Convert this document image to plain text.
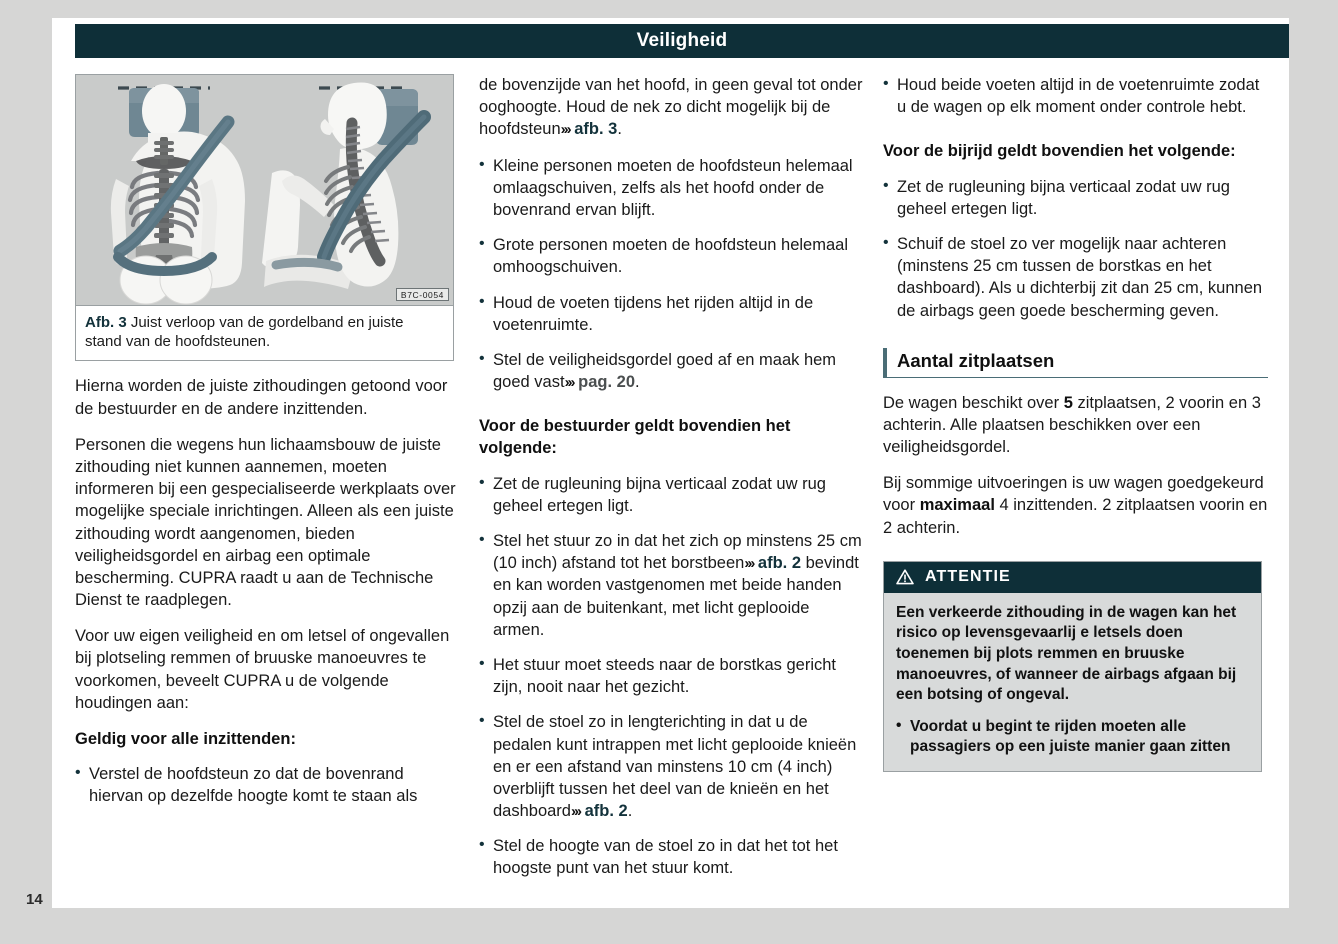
Veiligheid
14
B7C-0054
Afb. 3 Juist verloop van de gordelband en juiste stand van de hoofdsteunen.

Hierna worden de juiste zithoudingen getoond voor de bestuurder en de andere inzittenden.

Personen die wegens hun lichaamsbouw de juiste zithouding niet kunnen aannemen, moeten informeren bij een gespecialiseerde werkplaats over mogelijke speciale inrichtingen. Alleen als een juiste zithouding wordt aangenomen, bieden veiligheidsgordel en airbag een optimale bescherming. CUPRA raadt u aan de Technische Dienst te raadplegen.

Voor uw eigen veiligheid en om letsel of ongevallen bij plotseling remmen of bruuske manoeuvres te voorkomen, beveelt CUPRA u de volgende houdingen aan:

Geldig voor alle inzittenden:

• Verstel de hoofdsteun zo dat de bovenrand hiervan op dezelfde hoogte komt te staan als

de bovenzijde van het hoofd, in geen geval tot onder ooghoogte. Houd de nek zo dicht mogelijk bij de hoofdsteun››› afb. 3.

• Kleine personen moeten de hoofdsteun helemaal omlaagschuiven, zelfs als het hoofd onder de bovenrand ervan blijft.
• Grote personen moeten de hoofdsteun helemaal omhoogschuiven.
• Houd de voeten tijdens het rijden altijd in de voetenruimte.
• Stel de veiligheidsgordel goed af en maak hem goed vast››› pag. 20.

Voor de bestuurder geldt bovendien het volgende:

• Zet de rugleuning bijna verticaal zodat uw rug geheel ertegen ligt.
• Stel het stuur zo in dat het zich op minstens 25 cm (10 inch) afstand tot het borstbeen››› afb. 2 bevindt en kan worden vastgenomen met beide handen opzij aan de buitenkant, met licht geplooide armen.
• Het stuur moet steeds naar de borstkas gericht zijn, nooit naar het gezicht.
• Stel de stoel zo in lengterichting in dat u de pedalen kunt intrappen met licht geplooide knieën en er een afstand van minstens 10 cm (4 inch) overblijft tussen het deel van de knieën en het dashboard››› afb. 2.
• Stel de hoogte van de stoel zo in dat het tot het hoogste punt van het stuur komt.
• Houd beide voeten altijd in de voetenruimte zodat u de wagen op elk moment onder controle hebt.

Voor de bijrijd geldt bovendien het volgende:

• Zet de rugleuning bijna verticaal zodat uw rug geheel ertegen ligt.
• Schuif de stoel zo ver mogelijk naar achteren (minstens 25 cm tussen de borstkas en het dashboard). Als u dichterbij zit dan 25 cm, kunnen de airbags geen goede bescherming geven.
Aantal zitplaatsen

De wagen beschikt over 5 zitplaatsen, 2 voorin en 3 achterin. Alle plaatsen beschikken over een veiligheidsgordel.

Bij sommige uitvoeringen is uw wagen goedgekeurd voor maximaal 4 inzittenden. 2 zitplaatsen voorin en 2 achterin.

ATTENTIE

Een verkeerde zithouding in de wagen kan het risico op levensgevaarlij e letsels doen toenemen bij plots remmen en bruuske manoeuvres, of wanneer de airbags afgaan bij een botsing of ongeval.

• Voordat u begint te rijden moeten alle passagiers op een juiste manier gaan zitten
